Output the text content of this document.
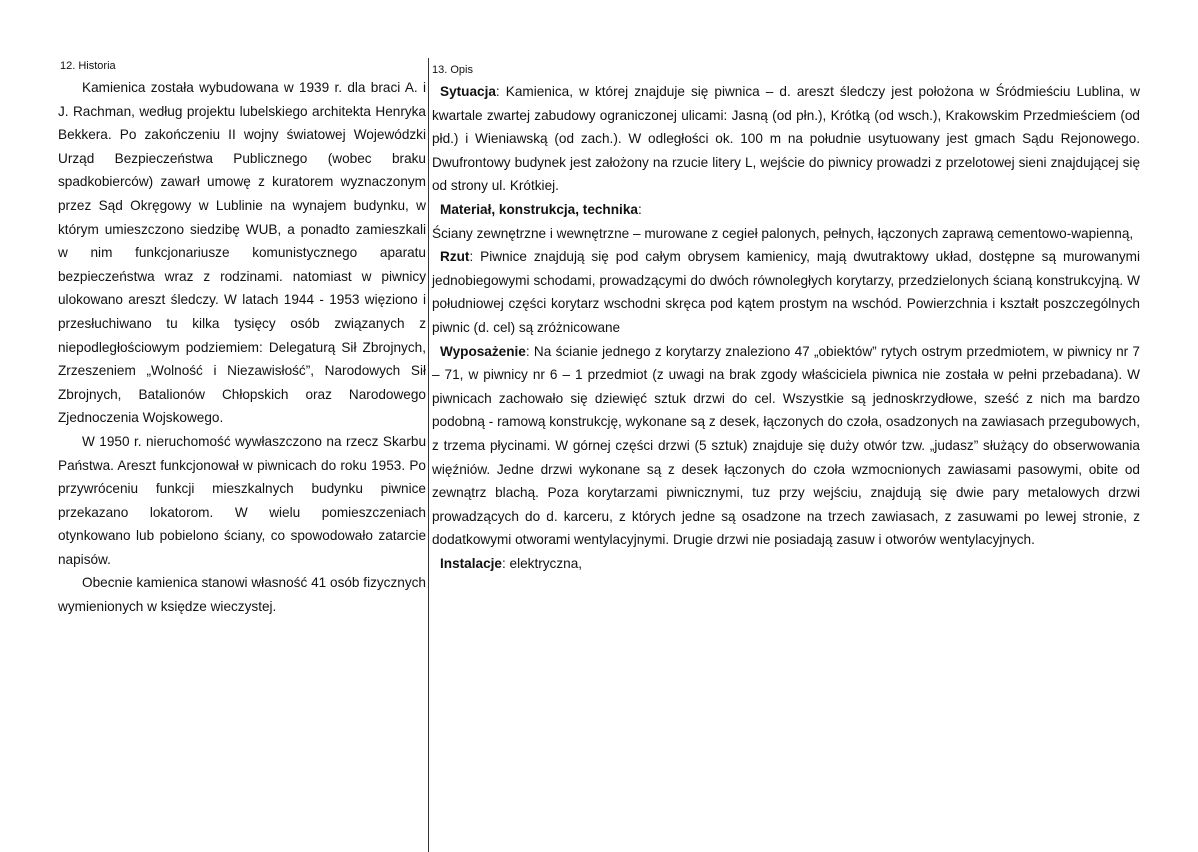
12. Historia

Kamienica została wybudowana w 1939 r. dla braci A. i J. Rachman, według projektu lubelskiego architekta Henryka Bekkera. Po zakończeniu II wojny światowej Wojewódzki Urząd Bezpieczeństwa Publicznego (wobec braku spadkobierców) zawarł umowę z kuratorem wyznaczonym przez Sąd Okręgowy w Lublinie na wynajem budynku, w którym umieszczono siedzibę WUB, a ponadto zamieszkali w nim funkcjonariusze komunistycznego aparatu bezpieczeństwa wraz z rodzinami. natomiast w piwnicy ulokowano areszt śledczy. W latach 1944 - 1953 więziono i przesłuchiwano tu kilka tysięcy osób związanych z niepodległościowym podziemiem: Delegaturą Sił Zbrojnych, Zrzeszeniem „Wolność i Niezawisłość”, Narodowych Sił Zbrojnych, Batalionów Chłopskich oraz Narodowego Zjednoczenia Wojskowego.

W 1950 r. nieruchomość wywłaszczono na rzecz Skarbu Państwa. Areszt funkcjonował w piwnicach do roku 1953. Po przywróceniu funkcji mieszkalnych budynku piwnice przekazano lokatorom. W wielu pomieszczeniach otynkowano lub pobielono ściany, co spowodowało zatarcie napisów.

Obecnie kamienica stanowi własność 41 osób fizycznych wymienionych w księdze wieczystej.

13. Opis

Sytuacja: Kamienica, w której znajduje się piwnica – d. areszt śledczy jest położona w Śródmieściu Lublina, w kwartale zwartej zabudowy ograniczonej ulicami: Jasną (od płn.), Krótką (od wsch.), Krakowskim Przedmieściem (od płd.) i Wieniawską (od zach.). W odległości ok. 100 m na południe usytuowany jest gmach Sądu Rejonowego. Dwufrontowy budynek jest założony na rzucie litery L, wejście do piwnicy prowadzi z przelotowej sieni znajdującej się od strony ul. Krótkiej.

Materiał, konstrukcja, technika:

Ściany zewnętrzne i wewnętrzne – murowane z cegieł palonych, pełnych, łączonych zaprawą cementowo-wapienną,

Rzut: Piwnice znajdują się pod całym obrysem kamienicy, mają dwutraktowy układ, dostępne są murowanymi jednobiegowymi schodami, prowadzącymi do dwóch równoległych korytarzy, przedzielonych ścianą konstrukcyjną. W południowej części korytarz wschodni skręca pod kątem prostym na wschód. Powierzchnia i kształt poszczególnych piwnic (d. cel) są zróżnicowane

Wyposażenie: Na ścianie jednego z korytarzy znaleziono 47 „obiektów” rytych ostrym przedmiotem, w piwnicy nr 7 – 71, w piwnicy nr 6 – 1 przedmiot (z uwagi na brak zgody właściciela piwnica nie została w pełni przebadana). W piwnicach zachowało się dziewięć sztuk drzwi do cel. Wszystkie są jednoskrzydłowe, sześć z nich ma bardzo podobną - ramową konstrukcję, wykonane są z desek, łączonych do czoła, osadzonych na zawiasach przegubowych, z trzema płycinami. W górnej części drzwi (5 sztuk) znajduje się duży otwór tzw. „judasz” służący do obserwowania więźniów. Jedne drzwi wykonane są z desek łączonych do czoła wzmocnionych zawiasami pasowymi, obite od zewnątrz blachą. Poza korytarzami piwnicznymi, tuz przy wejściu, znajdują się dwie pary metalowych drzwi prowadzących do d. karceru, z których jedne są osadzone na trzech zawiasach, z zasuwami po lewej stronie, z dodatkowymi otworami wentylacyjnymi. Drugie drzwi nie posiadają zasuw i otworów wentylacyjnych.

Instalacje: elektryczna,
